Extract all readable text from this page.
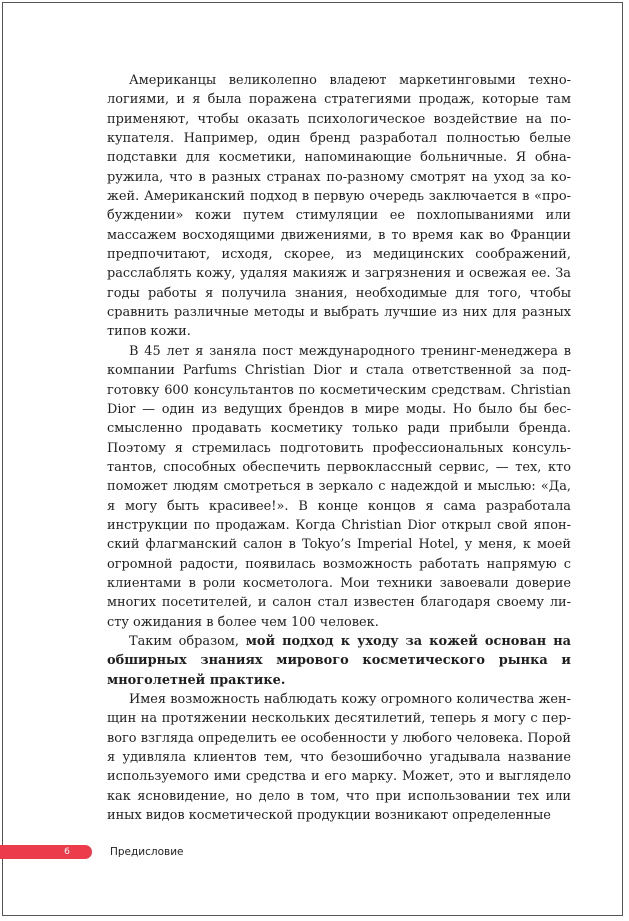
Американцы великолепно владеют маркетинговыми технологиями, и я была поражена стратегиями продаж, которые там применяют, чтобы оказать психологическое воздействие на покупателя. Например, один бренд разработал полностью белые подставки для косметики, напоминающие больничные. Я обнаружила, что в разных странах по-разному смотрят на уход за кожей. Американский подход в первую очередь заключается в «пробуждении» кожи путем стимуляции ее похлопываниями или массажем восходящими движениями, в то время как во Франции предпочитают, исходя, скорее, из медицинских соображений, расслаблять кожу, удаляя макияж и загрязнения и освежая ее. За годы работы я получила знания, необходимые для того, чтобы сравнить различные методы и выбрать лучшие из них для разных типов кожи.

В 45 лет я заняла пост международного тренинг-менеджера в компании Parfums Christian Dior и стала ответственной за подготовку 600 консультантов по косметическим средствам. Christian Dior — один из ведущих брендов в мире моды. Но было бы бессмысленно продавать косметику только ради прибыли бренда. Поэтому я стремилась подготовить профессиональных консультантов, способных обеспечить первоклассный сервис, — тех, кто поможет людям смотреться в зеркало с надеждой и мыслью: «Да, я могу быть красивее!». В конце концов я сама разработала инструкции по продажам. Когда Christian Dior открыл свой японский флагманский салон в Tokyo’s Imperial Hotel, у меня, к моей огромной радости, появилась возможность работать напрямую с клиентами в роли косметолога. Мои техники завоевали доверие многих посетителей, и салон стал известен благодаря своему листу ожидания в более чем 100 человек.

Таким образом, мой подход к уходу за кожей основан на обширных знаниях мирового косметического рынка и многолетней практике.

Имея возможность наблюдать кожу огромного количества женщин на протяжении нескольких десятилетий, теперь я могу с первого взгляда определить ее особенности у любого человека. Порой я удивляла клиентов тем, что безошибочно угадывала название используемого ими средства и его марку. Может, это и выглядело как ясновидение, но дело в том, что при использовании тех или иных видов косметической продукции возникают определенные

6	Предисловие
